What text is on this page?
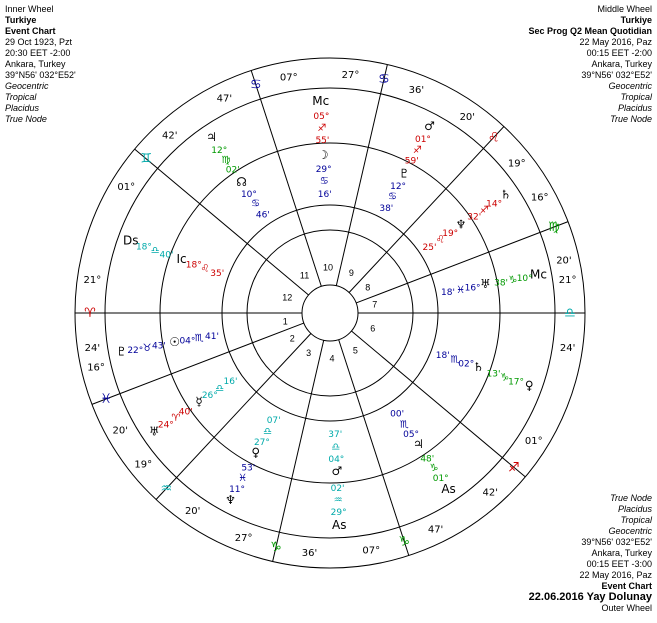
Inner Wheel
Turkiye
Event Chart
29 Oct 1923, Pzt
20:30 EET -2:00
Ankara, Turkey
39°N56' 032°E52'
Geocentric
Tropical
Placidus
True Node
Middle Wheel
Turkiye
Sec Prog Q2 Mean Quotidian
22 May 2016, Paz
00:15 EET -2:00
Ankara, Turkey
39°N56' 032°E52'
Geocentric
Tropical
Placidus
True Node
True Node
Placidus
Tropical
Geocentric
39°N56' 032°E52'
Ankara, Turkey
00:15 EET -3:00
22 May 2016, Paz
Event Chart
22.06.2016 Yay Dolunay
Outer Wheel
1
2
3
4
5
6
7
8
9
10
11
12
21°
♈
24'
16°
♓
20'
19°
♒
20'
27°
♑ 36'	07°
♑
47'
42'
♐
01°
24'
♎
21°
20'
♍
16°
19°
♌
20'
36'
♋
27°
07°
♋
47'
42'
♊
01°
♇ 22° ♉ 43'
♅
24°
♈
40'
♆
11°
♓
53'
As
29°
♒
02'	As
01°
♑
48'
♀
17°
♑
13'
Mc
10°
♑
38'
♄
14°
♐
32'
♂
01°
♐
59'
Mc
05°
♐
55'
♃
12°
♍
02'
Ds
18°
♎ 40'
☉ 04° ♏ 41'
☿ 26°
♎
16'
♀
27°
♎
07'
♂
04°
♎
37'
♃
05°
♏
00'
♄
02°
♏
18'
♅
16°
♓
18'
♆
19°
♌
25'
♇
12°
♋
38'
☽
29°
♋
16'
☊
10°
♋
46'
Ic 18°
♌ 35'
